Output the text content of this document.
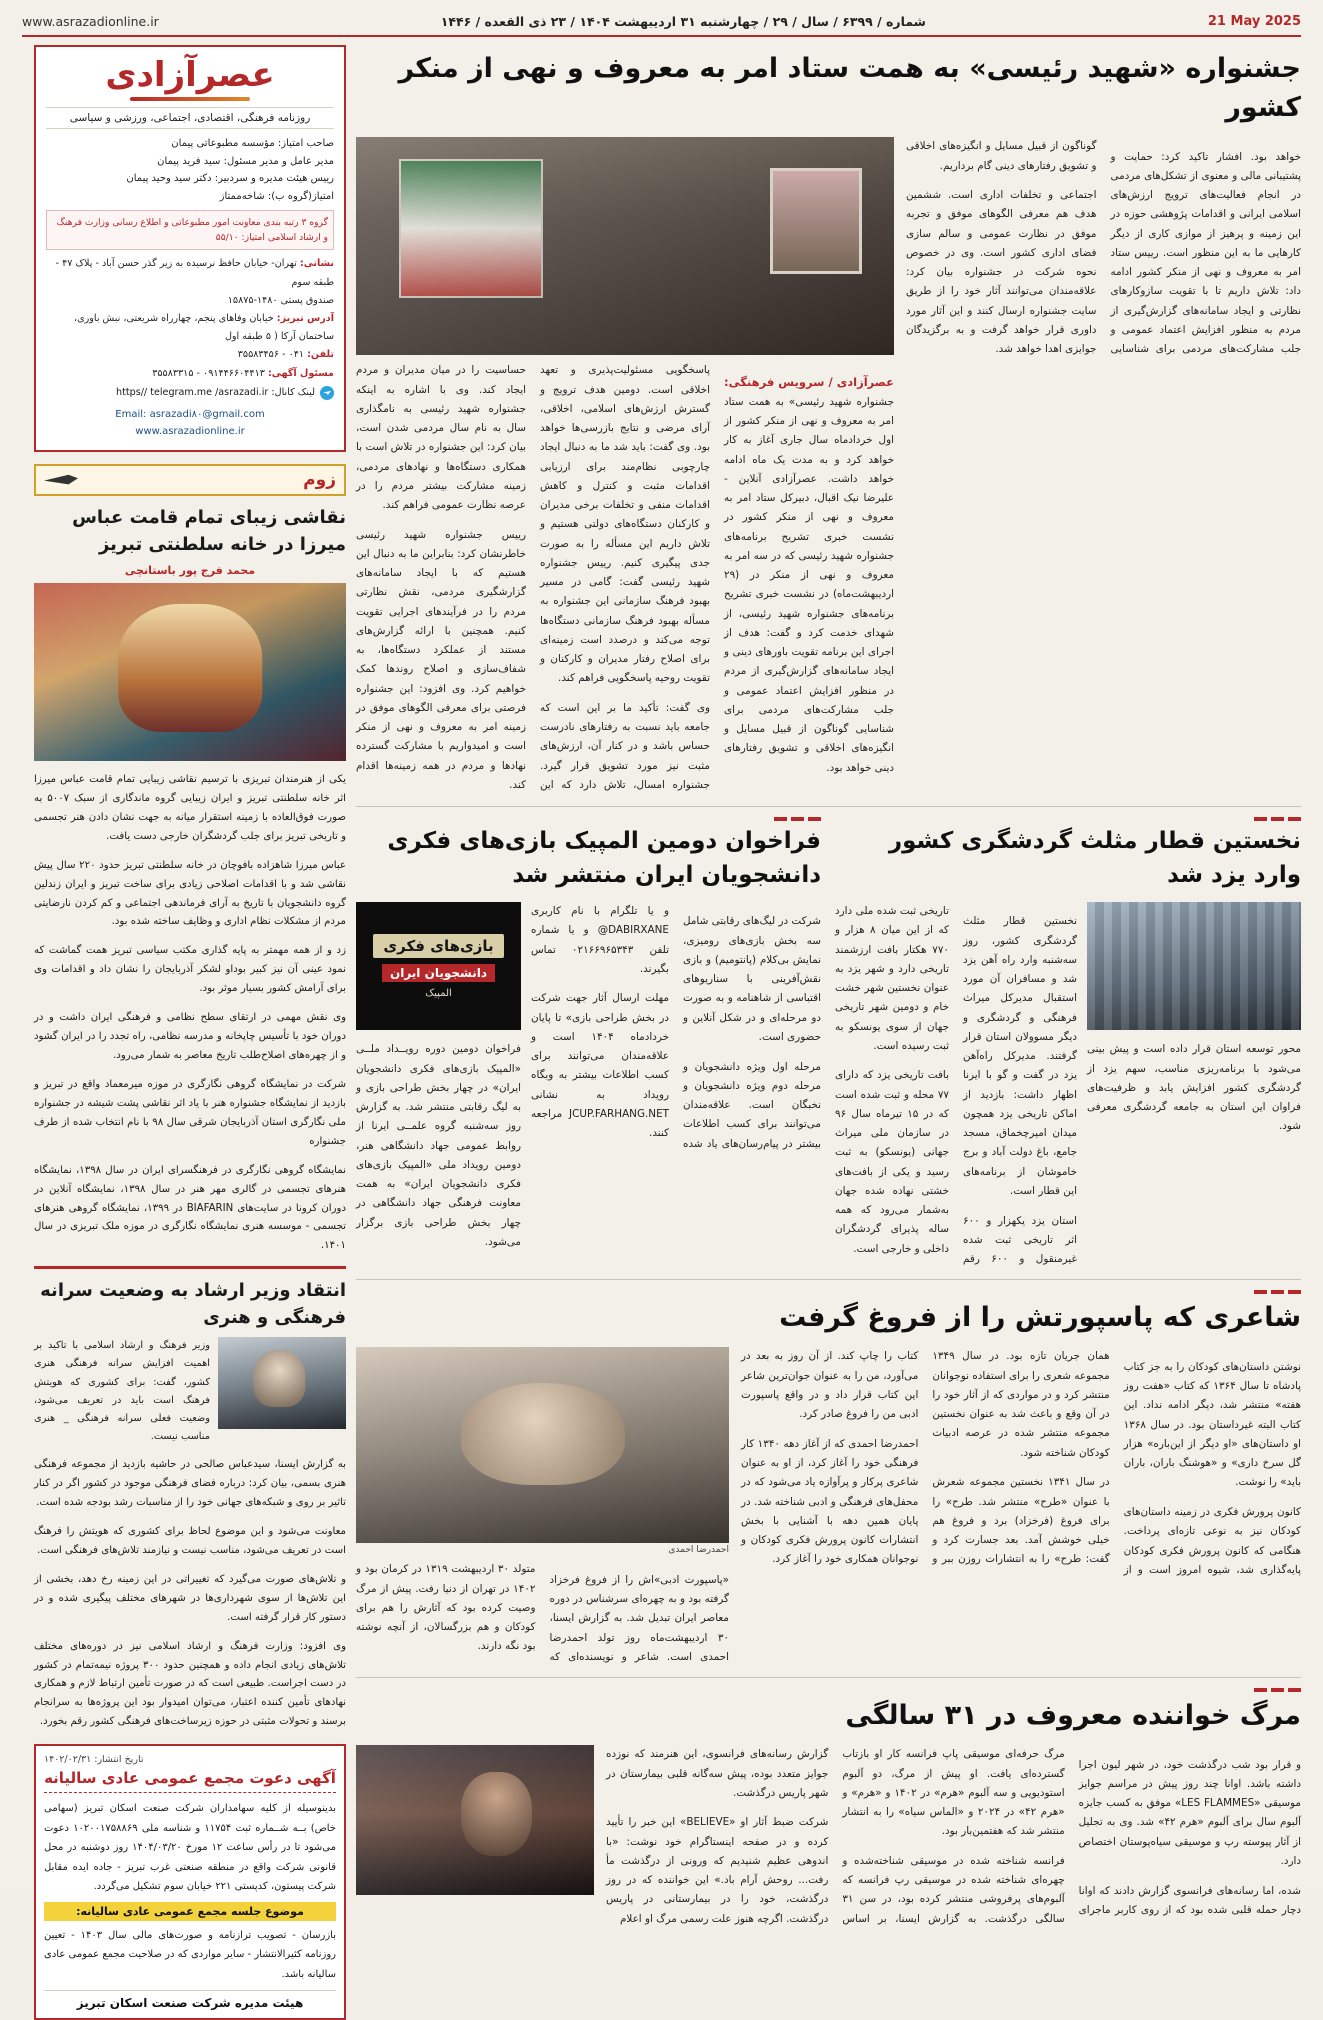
21 May 2025
شماره / ۶۳۹۹ / سال / ۲۹ / چهارشنبه ۳۱ اردیبهشت ۱۴۰۴ / ۲۳ ذی القعده / ۱۴۴۶
www.asrazadionline.ir
جشنواره «شهید رئیسی» به همت ستاد امر به معروف و نهی از منکر کشور

خواهد بود. افشار تاکید کرد: حمایت و پشتیبانی مالی و معنوی از تشکل‌های مردمی در انجام فعالیت‌های ترویج ارزش‌های اسلامی ایرانی و اقدامات پژوهشی حوزه در این زمینه و پرهیز از موازی کاری از دیگر کارهایی ما به این منظور است. رییس ستاد امر به معروف و نهی از منکر کشور ادامه داد: تلاش داریم تا با تقویت سازوکارهای نظارتی و ایجاد سامانه‌های گزارش‌گیری از مردم به منظور افزایش اعتماد عمومی و جلب مشارکت‌های مردمی برای شناسایی گوناگون از قبیل مسایل و انگیزه‌های اخلاقی و تشویق رفتارهای دینی گام برداریم.

اجتماعی و تخلفات اداری است. ششمین هدف هم معرفی الگوهای موفق و تجربه موفق در نظارت عمومی و سالم سازی فضای اداری کشور است. وی در خصوص نحوه شرکت در جشنواره بیان کرد: علاقه‌مندان می‌توانند آثار خود را از طریق سایت جشنواره ارسال کنند و این آثار مورد داوری قرار خواهد گرفت و به برگزیدگان جوایزی اهدا خواهد شد.

عصرآزادی / سرویس فرهنگی: جشنواره شهید رئیسی» به همت ستاد امر به معروف و نهی از منکر کشور از اول خردادماه سال جاری آغاز به کار خواهد کرد و به مدت یک ماه ادامه خواهد داشت. عصرآزادی آنلاین - علیرضا نیک اقبال، دبیرکل ستاد امر به معروف و نهی از منکر کشور در نشست خبری تشریح برنامه‌های جشنواره شهید رئیسی که در سه امر به معروف و نهی از منکر در (۲۹ اردیبهشت‌ماه) در نشست خبری تشریح برنامه‌های جشنواره شهید رئیسی، از شهدای خدمت کرد و گفت: هدف از اجرای این برنامه تقویت باورهای دینی و ایجاد سامانه‌های گزارش‌گیری از مردم در منظور افزایش اعتماد عمومی و جلب مشارکت‌های مردمی برای شناسایی گوناگون از قبیل مسایل و انگیزه‌های اخلاقی و تشویق رفتارهای دینی خواهد بود.

پاسخگویی مسئولیت‌پذیری و تعهد اخلاقی است. دومین هدف ترویج و گسترش ارزش‌های اسلامی، اخلاقی، آرای مرضی و نتایج بازرسی‌ها خواهد بود. وی گفت: باید شد ما به دنبال ایجاد چارچوبی نظام‌مند برای ارزیابی اقدامات مثبت و کنترل و کاهش اقدامات منفی و تخلفات برخی مدیران و کارکنان دستگاه‌های دولتی هستیم و تلاش داریم این مسأله را به صورت جدی پیگیری کنیم. رییس جشنواره شهید رئیسی گفت: گامی در مسیر بهبود فرهنگ سازمانی این جشنواره به مسأله بهبود فرهنگ سازمانی دستگاه‌ها توجه می‌کند و درصدد است زمینه‌ای برای اصلاح رفتار مدیران و کارکنان و تقویت روحیه پاسخگویی فراهم کند.

وی گفت: تأکید ما بر این است که جامعه باید نسبت به رفتارهای نادرست حساس باشد و در کنار آن، ارزش‌های مثبت نیز مورد تشویق قرار گیرد. جشنواره امسال، تلاش دارد که این حساسیت را در میان مدیران و مردم ایجاد کند. وی با اشاره به اینکه جشنواره شهید رئیسی به نامگذاری سال به نام سال مردمی شدن است، بیان کرد: این جشنواره در تلاش است با همکاری دستگاه‌ها و نهادهای مردمی، زمینه مشارکت بیشتر مردم را در عرصه نظارت عمومی فراهم کند.

رییس جشنواره شهید رئیسی خاطرنشان کرد: بنابراین ما به دنبال این هستیم که با ایجاد سامانه‌های گزارشگیری مردمی، نقش نظارتی مردم را در فرآیندهای اجرایی تقویت کنیم. همچنین با ارائه گزارش‌های مستند از عملکرد دستگاه‌ها، به شفاف‌سازی و اصلاح روندها کمک خواهیم کرد. وی افزود: این جشنواره فرصتی برای معرفی الگوهای موفق در زمینه امر به معروف و نهی از منکر است و امیدواریم با مشارکت گسترده نهادها و مردم در همه زمینه‌ها اقدام کند.

نخستین قطار مثلث گردشگری کشور وارد یزد شد

محور توسعه استان قرار داده است و پیش بینی می‌شود با برنامه‌ریزی مناسب، سهم یزد از گردشگری کشور افزایش یابد و ظرفیت‌های فراوان این استان به جامعه گردشگری معرفی شود.

نخستین قطار مثلث گردشگری کشور، روز سه‌شنبه وارد راه آهن یزد شد و مسافران آن مورد استقبال مدیرکل میراث فرهنگی و گردشگری و دیگر مسوولان استان قرار گرفتند. مدیرکل راه‌آهن یزد در گفت و گو با ایرنا اظهار داشت: بازدید از اماکن تاریخی یزد همچون میدان امیرچخماق، مسجد جامع، باغ دولت آباد و برج خاموشان از برنامه‌های این قطار است.

استان یزد یکهزار و ۶۰۰ اثر تاریخی ثبت شده غیرمنقول و ۶۰۰ رقم تاریخی ثبت شده ملی دارد که از این میان ۸ هزار و ۷۷۰ هکتار بافت ارزشمند تاریخی دارد و شهر یزد به عنوان نخستین شهر خشت خام و دومین شهر تاریخی جهان از سوی یونسکو به ثبت رسیده است.

بافت تاریخی یزد که دارای ۷۷ محله و ثبت شده است که در ۱۵ تیرماه سال ۹۶ در سازمان ملی میراث جهانی (یونسکو) به ثبت رسید و یکی از بافت‌های خشتی نهاده شده جهان به‌شمار می‌رود که همه ساله پذیرای گردشگران داخلی و خارجی است.

فراخوان دومین المپیک بازی‌های فکری دانشجویان ایران منتشر شد

شرکت در لیگ‌های رقابتی شامل سه بخش بازی‌های رومیزی، نمایش بی‌کلام (پانتومیم) و بازی نقش‌آفرینی با سناریوهای اقتباسی از شاهنامه و به صورت دو مرحله‌ای و در شکل آنلاین و حضوری است.

مرحله اول ویژه دانشجویان و مرحله دوم ویژه دانشجویان و نخبگان است. علاقه‌مندان می‌توانند برای کسب اطلاعات بیشتر در پیام‌رسان‌های یاد شده و یا تلگرام با نام کاربری DABIRXANE@ و یا شماره تلفن ۰۲۱۶۶۹۶۵۳۴۳ تماس بگیرند.

مهلت ارسال آثار جهت شرکت در بخش طراحی بازی» تا پایان خردادماه ۱۴۰۴ است و علاقه‌مندان می‌توانند برای کسب اطلاعات بیشتر به وبگاه رویداد به نشانی JCUP.FARHANG.NET مراجعه کنند.

بازی‌های فکری
دانشجویان ایران
المپیک

فراخوان دومین دوره رویــداد ملــی «المپیک بازی‌های فکری دانشجویان ایران» در چهار بخش طراحی بازی و به لیگ رقابتی منتشر شد. به گزارش روز سه‌شنبه گروه علمــی ایرنا از روابط عمومی جهاد دانشگاهی هنر، دومین رویداد ملی «المپیک بازی‌های فکری دانشجویان ایران» به همت معاونت فرهنگی جهاد دانشگاهی در چهار بخش طراحی بازی برگزار می‌شود.

شاعری که پاسپورتش را از فروغ گرفت

نوشتن داستان‌های کودکان را به جز کتاب پادشاه تا سال ۱۳۶۴ که کتاب «هفت روز هفته» منتشر شد، دیگر ادامه نداد. این کتاب البته غیرداستان بود. در سال ۱۳۶۸ او داستان‌های «او دیگر از این‌باره» هزار گل سرخ داری» و «هوشنگ باران، باران باید» را نوشت.

کانون پرورش فکری در زمینه داستان‌های کودکان نیز به نوعی تازه‌ای پرداخت. هنگامی که کانون پرورش فکری کودکان پایه‌گذاری شد، شیوه امروز است و از همان جریان تازه بود. در سال ۱۳۴۹ مجموعه شعری را برای استفاده نوجوانان منتشر کرد و در مواردی که از آثار خود را در آن وقع و باعث شد به عنوان نخستین مجموعه منتشر شده در عرصه ادبیات کودکان شناخته شود.

در سال ۱۳۴۱ نخستین مجموعه شعرش با عنوان «طرح» منتشر شد. طرح» را برای فروغ (فرخزاد) برد و فروغ هم خیلی خوشش آمد. بعد جسارت کرد و گفت: طرح» را به انتشارات روزن ببر و کتاب را چاپ کند. از آن روز به بعد در می‌آورد، من را به عنوان جوان‌ترین شاعر این کتاب قرار داد و در واقع پاسپورت ادبی من را فروغ صادر کرد.

احمدرضا احمدی که از آغاز دهه ۱۳۴۰ کار فرهنگی خود را آغاز کرد، از او به عنوان شاعری پرکار و پرآوازه یاد می‌شود که در محفل‌های فرهنگی و ادبی شناخته شد. در پایان همین دهه با آشنایی با بخش انتشارات کانون پرورش فکری کودکان و نوجوانان همکاری خود را آغاز کرد.

احمدرضا احمدی

«پاسپورت ادبی»اش را از فروغ فرخزاد گرفته بود و به چهره‌ای سرشناس در دوره معاصر ایران تبدیل شد. به گزارش ایسنا، ۳۰ اردیبهشت‌ماه روز تولد احمدرضا احمدی است. شاعر و نویسنده‌ای که متولد ۳۰ اردیبهشت ۱۳۱۹ در کرمان بود و ۱۴۰۲ در تهران از دنیا رفت. پیش از مرگ وصیت کرده بود که آثارش را هم برای کودکان و هم بزرگسالان، از آنچه نوشته بود نگه دارند.

مرگ خواننده معروف در ۳۱ سالگی

و قرار بود شب درگذشت خود، در شهر لیون اجرا داشته باشد. اوانا چند روز پیش در مراسم جوایز موسیقی «LES FLAMMES» موفق به کسب جایزه آلبوم سال برای آلبوم «هرم ۴۲» شد. وی به تجلیل از آثار پیوسته رپ و موسیقی سیاه‌پوستان اختصاص دارد.

شده، اما رسانه‌های فرانسوی گزارش دادند که اوانا دچار حمله قلبی شده بود که از روی کاربر ماجرای مرگ حرفه‌ای موسیقی پاپ فرانسه کار او بازتاب گسترده‌ای یافت. او پیش از مرگ، دو آلبوم استودیویی و سه آلبوم «هرم» در ۱۴۰۲ و «هرم» و «هرم ۴۲» در ۲۰۲۴ و «الماس سیاه» را به انتشار منتشر شد که هفتمین‌بار بود.

فرانسه شناخته شده در موسیقی شناخته‌شده و چهره‌ای شناخته شده در موسیقی رپ فرانسه که آلبوم‌های پرفروشی منتشر کرده بود، در سن ۳۱ سالگی درگذشت. به گزارش ایسنا، بر اساس گزارش رسانه‌های فرانسوی، این هنرمند که نوزده جوایز متعدد بوده، پیش سه‌گانه قلبی بیمارستان در شهر پاریس درگذشت.

شرکت ضبط آثار او «BELIEVE» این خبر را تأیید کرده و در صفحه اینستاگرام خود نوشت: «با اندوهی عظیم شنیدیم که ورونی از درگذشت مأ رفت... روحش آرام باد.» این خواننده که در روز درگذشت، خود را در بیمارستانی در پاریس درگذشت. اگرچه هنوز علت رسمی مرگ او اعلام

عصرآزادی
روزنامه فرهنگی، اقتصادی، اجتماعی، ورزشی و سیاسی
صاحب امتیاز: مؤسسه مطبوعاتی پیمان
مدیر عامل و مدیر مسئول: سید فرید پیمان
رییس هیئت مدیره و سردبیر: دکتر سید وحید پیمان
امتیاز(گروه ب): شاخه‌ممتاز
گروه ۳ رتبه بندی معاونت امور مطبوعاتی و اطلاع رسانی وزارت فرهنگ و ارشاد اسلامی امتیاز: ۵۵/۱۰
نشانی: تهران- خیابان حافظ نرسیده به زیر گذر حسن آباد - پلاک ۴۷ - طبقه سوم
صندوق پستی ۱۴۸۰-۱۵۸۷۵
آدرس تبریز: خیابان وفاهای پنجم، چهارراه شریعتی، نبش باوری،
ساختمان آرکا ( ۵ طبقه اول
تلفن: ۰۴۱ - ۳۵۵۸۳۴۵۶
مسئول آگهی: ۰۹۱۴۴۶۶۰۴۴۱۳ - ۳۵۵۸۳۳۱۵
لینک کانال: https// telegram.me /asrazadi.ir
Email: asrazadi۸۰@gmail.com
www.asrazadionline.ir
زوم
نقاشی زیبای تمام قامت عباس میرزا در خانه سلطنتی تبریز
محمد فرج پور باستانچی

یکی از هنرمندان تبریزی با ترسیم نقاشی زیبایی تمام قامت عباس میرزا اثر خانه سلطنتی تبریز و ایران زیبایی گروه ماندگاری از سبک ۵۰۰۷ به صورت فوق‌العاده با زمینه استقرار میانه به جهت نشان دادن هنر تجسمی و تاریخی تبریز برای جلب گردشگران خارجی دست یافت.

عباس میرزا شاهزاده بافوچان در خانه سلطنتی تبریز حدود ۲۲۰ سال پیش نقاشی شد و با اقدامات اصلاحی زیادی برای ساخت تبریز و ایران زندلین گروه دانشجویان با تاریخ به آرای فرماندهی اجتماعی و کم کردن نارضایتی مردم از مشکلات نظام اداری و وظایف ساخته شده بود.

زد و از همه مهمتر به پایه گذاری مکتب سیاسی تبریز همت گماشت که نمود عینی آن نیز کبیر بوداو لشکر آذربایجان را نشان داد و اقدامات وی برای آرامش کشور بسیار موثر بود.

وی نقش مهمی در ارتقای سطح نظامی و فرهنگی ایران داشت و در دوران خود با تأسیس چاپخانه و مدرسه نظامی، راه تجدد را در ایران گشود و از چهره‌های اصلاح‌طلب تاریخ معاصر به شمار می‌رود.

شرکت در نمایشگاه گروهی نگارگری در موزه میرمعماد واقع در تبریز و بازدید از نمایشگاه جشنواره هنر با یاد اثر نقاشی پشت شیشه در جشنواره ملی نگارگری استان آذربایجان شرقی سال ۹۸ با نام انتخاب شده از طرف جشنواره

نمایشگاه گروهی نگارگری در فرهنگسرای ایران در سال ۱۳۹۸، نمایشگاه هنرهای تجسمی در گالری مهر هنر در سال ۱۳۹۸، نمایشگاه آنلاین در دوران کرونا در سایت‌های BIAFARIN در ۱۳۹۹، نمایشگاه گروهی هنرهای تجسمی - موسسه هنری نمایشگاه نگارگری در موزه ملک تبریزی در سال ۱۴۰۱.

انتقاد وزیر ارشاد به وضعیت سرانه فرهنگی و هنری
وزیر فرهنگ و ارشاد اسلامی با تاکید بر اهمیت افزایش سرانه فرهنگی هنری کشور، گفت: برای کشوری که هویتش فرهنگ است باید در تعریف می‌شود، وضعیت فعلی سرانه فرهنگی _ هنری مناسب نیست.

به گزارش ایسنا، سیدعباس صالحی در حاشیه بازدید از مجموعه فرهنگی هنری بسمی، بیان کرد: درباره فضای فرهنگی موجود در کشور اگر در کنار تاثیر بر روی و شبکه‌های جهانی خود را از مناسبات رشد بودجه شده است.

معاونت می‌شود و این موضوع لحاظ برای کشوری که هویتش را فرهنگ است در تعریف می‌شود، مناسب نیست و نیازمند تلاش‌های فرهنگی است.

و تلاش‌های صورت می‌گیرد که تغییراتی در این زمینه رخ دهد، بخشی از این تلاش‌ها از سوی شهرداری‌ها در شهرهای مختلف پیگیری شده و در دستور کار قرار گرفته است.

وی افزود: وزارت فرهنگ و ارشاد اسلامی نیز در دوره‌های مختلف تلاش‌های زیادی انجام داده و همچنین حدود ۳۰۰ پروژه نیمه‌تمام در کشور در دست اجراست. طبیعی است که در صورت تأمین ارتباط لازم و همکاری نهادهای تأمین کننده اعتبار، می‌توان امیدوار بود این پروژه‌ها به سرانجام برسند و تحولات مثبتی در حوزه زیرساخت‌های فرهنگی کشور رقم بخورد.

تاریخ انتشار: ۱۴۰۲/۰۲/۳۱
آگهی دعوت مجمع عمومی عادی سالیانه
بدینوسیله از کلیه سهامداران شرکت صنعت اسکان تبریز (سهامی خاص) بــه شــماره ثبت ۱۱۷۵۴ و شناسه ملی ۱۰۲۰۰۱۷۵۸۸۶۹ دعوت می‌شود تا در رأس ساعت ۱۲ مورخ ۱۴۰۴/۰۳/۲۰ روز دوشنبه در محل قانونی شرکت واقع در منطقه صنعتی غرب تبریز - جاده ایده مقابل شرکت پیستون، کدپستی ۲۲۱ خیابان سوم تشکیل می‌گردد.
موضوع جلسه مجمع عمومی عادی سالیانه:
بازرسان - تصویب ترازنامه و صورت‌های مالی سال ۱۴۰۳ - تعیین روزنامه کثیرالانتشار - سایر مواردی که در صلاحیت مجمع عمومی عادی سالیانه باشد.
هیئت مدیره شرکت صنعت اسکان تبریز
